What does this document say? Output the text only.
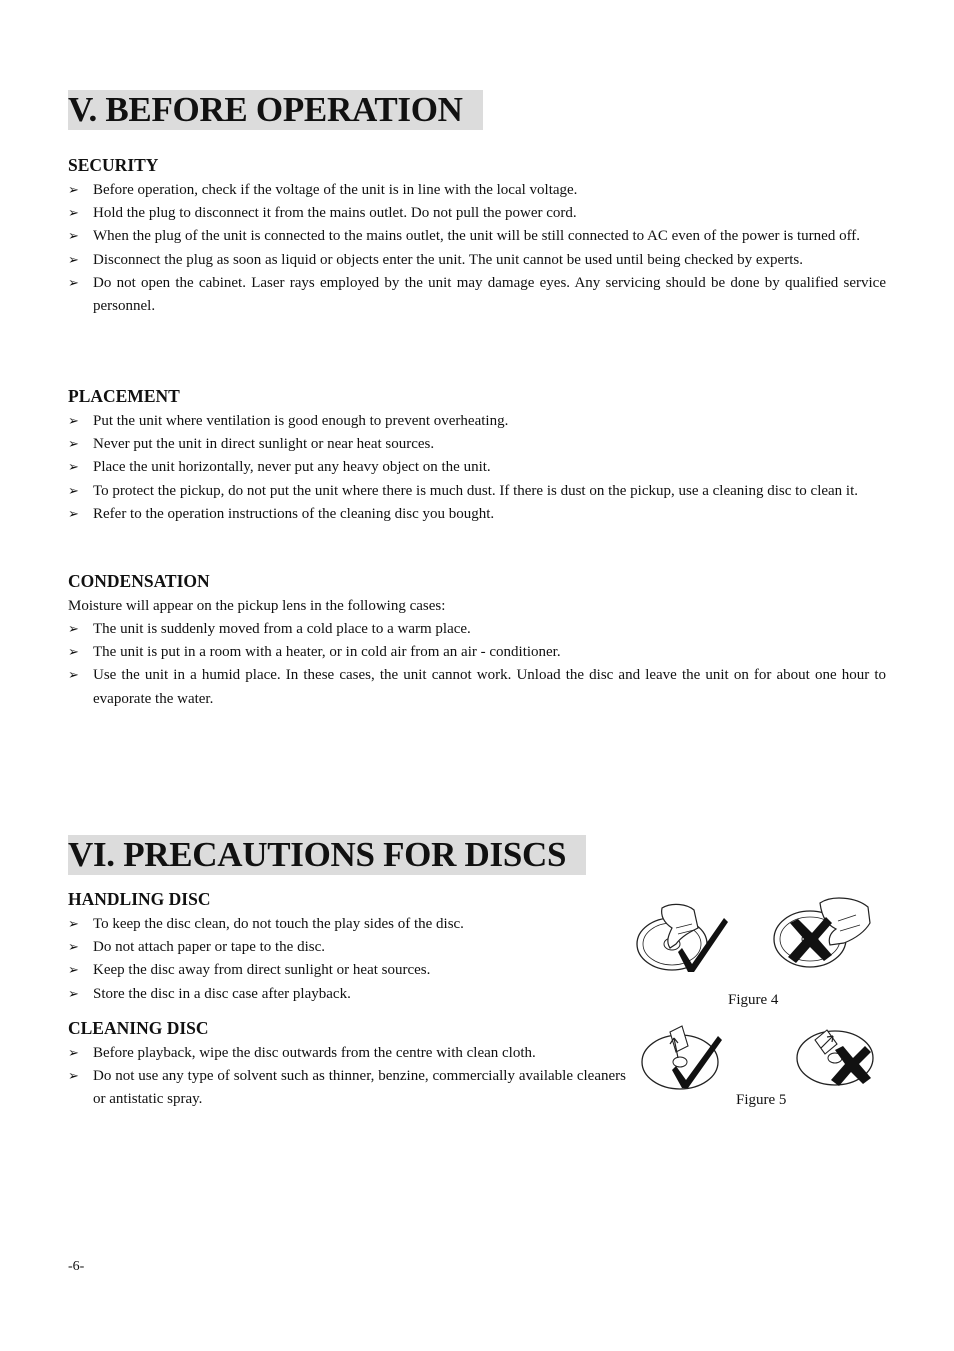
V. BEFORE OPERATION
SECURITY
➢ Before operation, check if the voltage of the unit is in line with the local voltage.
➢ Hold the plug to disconnect it from the mains outlet. Do not pull the power cord.
➢ When the plug of the unit is connected to the mains outlet, the unit will be still connected to AC even of the power is turned off.
➢ Disconnect the plug as soon as liquid or objects enter the unit. The unit cannot be used until being checked by experts.
➢ Do not open the cabinet. Laser rays employed by the unit may damage eyes. Any servicing should be done by qualified service personnel.
PLACEMENT
➢ Put the unit where ventilation is good enough to prevent overheating.
➢ Never put the unit in direct sunlight or near heat sources.
➢ Place the unit horizontally, never put any heavy object on the unit.
➢ To protect the pickup, do not put the unit where there is much dust. If there is dust on the pickup, use a cleaning disc to clean it.
➢ Refer to the operation instructions of the cleaning disc you bought.
CONDENSATION
Moisture will appear on the pickup lens in the following cases:
➢ The unit is suddenly moved from a cold place to a warm place.
➢ The unit is put in a room with a heater, or in cold air from an air - conditioner.
➢ Use the unit in a humid place. In these cases, the unit cannot work. Unload the disc and leave the unit on for about one hour to evaporate the water.
VI. PRECAUTIONS FOR DISCS
HANDLING DISC
➢ To keep the disc clean, do not touch the play sides of the disc.
➢ Do not attach paper or tape to the disc.
➢ Keep the disc away from direct sunlight or heat sources.
➢ Store the disc in a disc case after playback.
CLEANING DISC
➢ Before playback, wipe the disc outwards from the centre with clean cloth.
➢ Do not use any type of solvent such as thinner, benzine, commercially available cleaners or antistatic spray.
Figure 4
Figure 5
-6-
